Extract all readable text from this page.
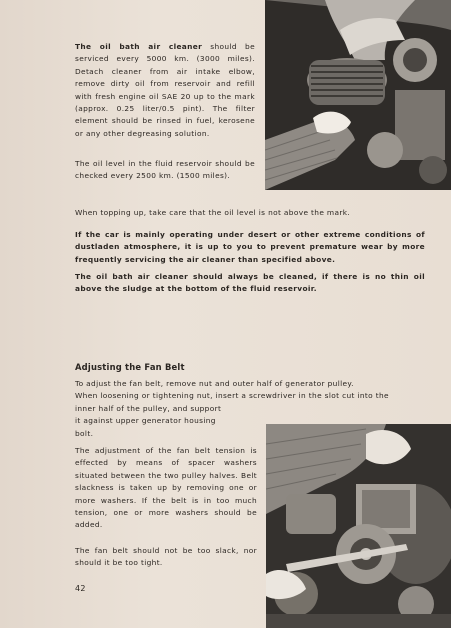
The oil bath air cleaner should be serviced every 5000 km. (3000 miles). Detach cleaner from air intake elbow, remove dirty oil from reservoir and refill with fresh engine oil SAE 20 up to the mark (approx. 0.25 liter/0.5 pint). The filter element should be rinsed in fuel, kerosene or any other degreasing solution.

The oil level in the fluid reservoir should be checked every 2500 km. (1500 miles).

When topping up, take care that the oil level is not above the mark.

If the car is mainly operating under desert or other extreme conditions of dustladen atmosphere, it is up to you to prevent premature wear by more frequently servicing the air cleaner than specified above.

The oil bath air cleaner should always be cleaned, if there is no thin oil above the sludge at the bottom of the fluid reservoir.

Adjusting the Fan Belt
To adjust the fan belt, remove nut and outer half of generator pulley.
When loosening or tightening nut, insert a screwdriver in the slot cut into the
inner half of the pulley, and support
it against upper generator housing
bolt.

The adjustment of the fan belt tension is effected by means of spacer washers situated between the two pulley halves. Belt slackness is taken up by removing one or more washers. If the belt is in too much tension, one or more washers should be added.

The fan belt should not be too slack, nor should it be too tight.

42
